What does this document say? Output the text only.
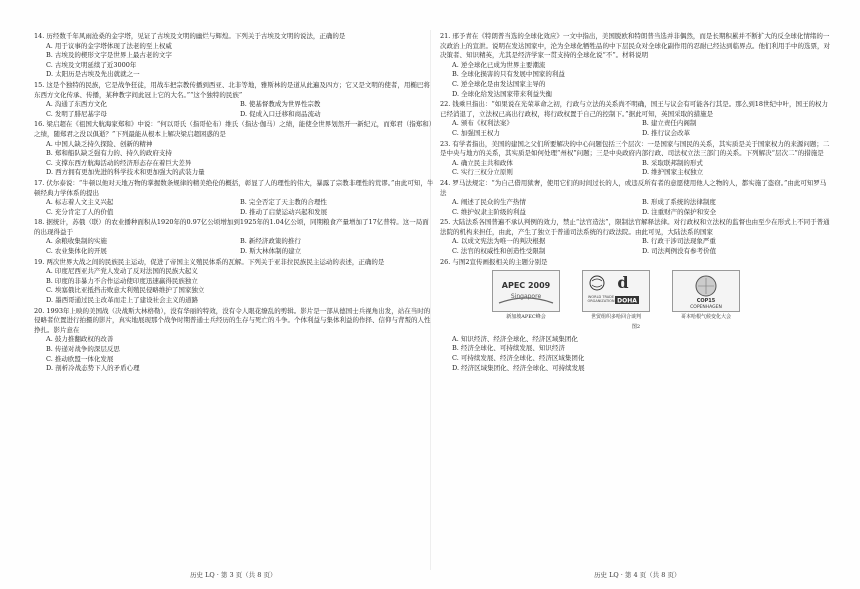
14. 历经数千年风雨沧桑的金字塔，见证了古埃及文明的幽烂与辉煌。下列关于古埃及文明的说法，正确的是

A. 用于议事的金字塔体现了法老的至上权威
B. 古埃及的楔形文字是世界上最古老的文字
C. 古埃及文明延续了近3000年
D. 太阳历是古埃及先出就就之一

15. 这是个独特的民族，它是战争狂徒，用战车把宗教传播到西亚、北非等地，雅斯林的是道从此遍及四方；它又是文明的使者，用椭巴将东西方文化传承、传播，某种教字间此冠上它的大名。”“这个独特的民族”

A. 沟通了东西方文化	B. 使基督教成为世界性宗教
C. 发明了腓尼基字母	D. 促成入口迁移和商品流动

16. 梁启超在《祖国大航海家郑和》中说：“何以哥氏（指哥伦布）维氏（指达·伽马）之绩，能使全世界划然开一新纪元，而郑君（指郑和）之绩，随郑君之没以俱逝？”下列最能从根本上解决梁启超困惑的是

A. 中国人缺乏持久探险、创新的精神
B. 郑和船队缺乏强有力的、持久的政府支持
C. 支撑东西方航海活动的经济形态存在着巨大差异
D. 西方拥有更加先进的科学技术和更加强大的武装力量

17. 伏尔泰说：“牛顿以他对天地万物的掌握数条规律的精美绝伦的概括，彰显了人的理性的伟大，暴露了宗教非理性的荒谬。”由此可知，牛顿经典力学体系的提出

A. 标志着人文主义兴起	B. 完全否定了天主教的合理性
C. 充分肯定了人的价值	D. 推动了启蒙运动兴起和发展

18. 据统计，苏俄（联）的农业播种面积从1920年的0.97亿公顷增加到1925年的1.04亿公顷，同期粮食产量增加了17亿普特。这一局面的出现得益于

A. 余粮收集制的实施	B. 新经济政策的推行
C. 农业集体化的开展	D. 斯大林体制的建立

19. 两次世界大战之间的民族民主运动，促进了帝国主义殖民体系的瓦解。下列关于亚非拉民族民主运动的表述，正确的是

A. 印度尼西亚共产党人发动了反对法国的民族大起义
B. 印度的非暴力不合作运动使印度迅速赢得民族独立
C. 埃塞俄比亚抵挡击败意大利殖民侵略维护了国家独立
D. 墨西哥通过民主改革而走上了建设社会主义的道路

20. 1993年上映的美国战（决战斯大林格勒），没有华丽的特效，没有令人眼花缭乱的剪辑。影片是一部从德国士兵视角出发，站在当时的侵略者位置进行拍摄的影片，真实地展现那个战争时期普通士兵经历的生存与死亡的斗争。个体利益与集体利益的作择、信仰与背叛的人性挣扎。影片意在

A. 鼓力推翻政权的改善
B. 传递对战争的深层反思
C. 推动欧盟一体化发展
D. 剖析冷战态势下人的矛盾心理

21. 邢予青在《特朗普当选的全球化效应》一文中指出，美国脱欧和特朗普当选并非偶然，而是长期积累并不断扩大的反全球化情绪的一次政治上的宣泄。说明在发达国家中，沦为全球化牺牲品的中下层民众对全球化副作用的忍耐已经达到临界点。他们利用手中的选票，对决策者、知识精英，尤其是经济学家一贯支持的全球化说“不”。材料说明

A. 逆全球化已成为世界主要潮流
B. 全球化损害的只有发展中国家的利益
C. 逆全球化是由发达国家主导的
D. 全球化给发达国家带来利益失衡

22. 钱乘旦指出：“如果说在光荣革命之初，行政与立法的关系尚不明确，国王与议会有可能各行其是。那么到18世纪中叶，国王的权力已经消退了，立法权已高出行政权，将行政权置于自己的控制下。”据此可知，英国采取的措施是

A. 颁布《权利法案》	B. 建立责任内阁制
C. 加强国王权力	D. 推行议会改革

23. 有学者指出，美国的建国之父们所要解决的中心问题包括三个层次：一是国家与国民的关系，其实质是关于国家权力的来源问题；二是中央与地方的关系，其实质是如何处理“州权”问题；三是中央政府内部行政、司法权立法三部门的关系。下列解决“层次二”的措施是

A. 确立民主共和政体	B. 采取联邦制的形式
C. 实行三权分立原则	D. 维护国家主权独立

24. 罗马法规定：“为自己借用狱奢，使用它们的时间过长的人，或违反所有者的意愿使用他人之物的人，都实施了盗窃。”由此可知罗马法

A. 阐述了民众的生产热情	B. 形成了系统的法律制度
C. 维护奴隶主阶级的利益	D. 注重财产的保护和安全

25. 大陆法系各国普遍不承认判例的效力，禁止“法官造法”，限制法官解释法律。对行政权和立法权的监督也由至少在形式上不同于普通法院的机构来担任，由此，产生了独立于普通司法系统的行政法院。由此可见，大陆法系的国家

A. 以成文宪法为唯一的判决根据	B. 行政干涉司法现象严重
C. 法官的权威性和创造性受限制	D. 司法判例没有参考价值

26. 与图2宣传画报相关的主题分别是

APEC 2009
Singapore
新加坡APEC峰会
d
WORLD TRADE
ORGANIZATION DOHA
世贸组织多哈回合谈判
COP15
COPENHAGEN
哥本哈根气候变化大会
图2
A. 知识经济、经济全球化、经济区域集团化
B. 经济全球化、可持续发展、知识经济
C. 可持续发展、经济全球化、经济区域集团化
D. 经济区域集团化、经济全球化、可持续发展
历史 LQ · 第 3 页（共 8 页）	历史 LQ · 第 4 页（共 8 页）
